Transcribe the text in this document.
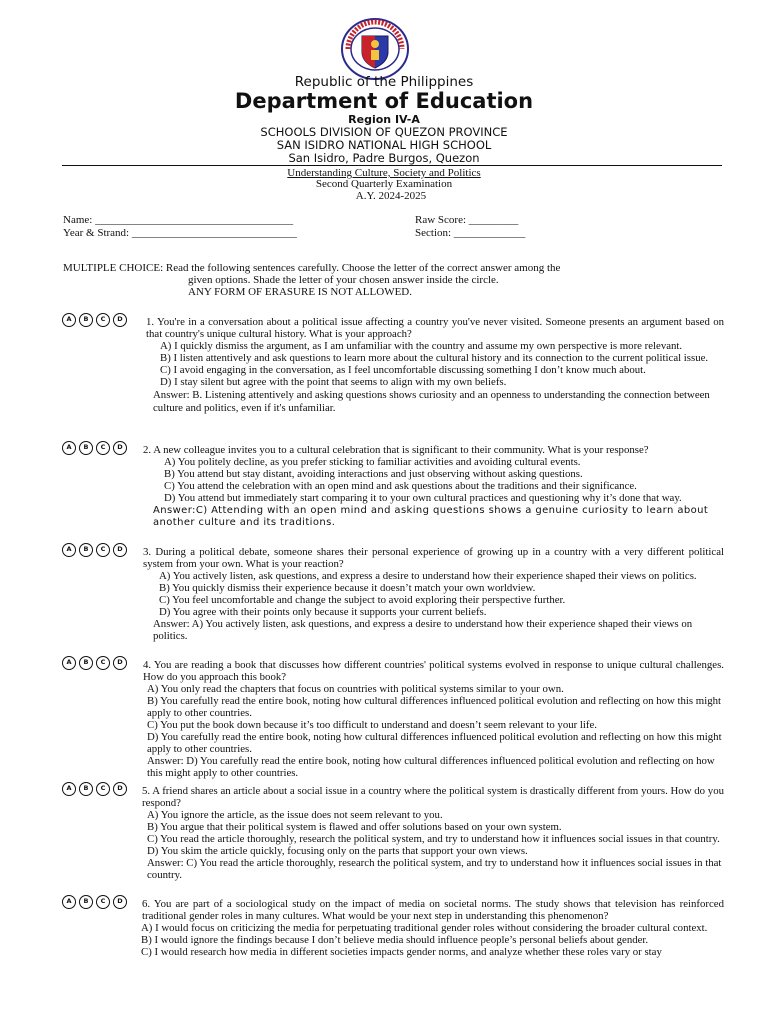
Republic of the Philippines
Department of Education
Region IV-A
SCHOOLS DIVISION OF QUEZON PROVINCE
SAN ISIDRO NATIONAL HIGH SCHOOL
San Isidro, Padre Burgos, Quezon
Understanding Culture, Society and Politics
Second Quarterly Examination
A.Y. 2024-2025
Name: ____________________________________
Year & Strand: ______________________________
Raw Score: _________
Section: _____________
MULTIPLE CHOICE: Read the following sentences carefully. Choose the letter of the correct answer among the
given options. Shade the letter of your chosen answer inside the circle.
ANY FORM OF ERASURE IS NOT ALLOWED.
A	B	C	D	1. You're in a conversation about a political issue affecting a country you've never visited. Someone presents an argument based on that country's unique cultural history. What is your approach?
A) I quickly dismiss the argument, as I am unfamiliar with the country and assume my own perspective is more relevant.
B) I listen attentively and ask questions to learn more about the cultural history and its connection to the current political issue.
C) I avoid engaging in the conversation, as I feel uncomfortable discussing something I don’t know much about.
D) I stay silent but agree with the point that seems to align with my own beliefs.
Answer: B. Listening attentively and asking questions shows curiosity and an openness to understanding the connection between culture and politics, even if it's unfamiliar.
A	B	C	D	2. A new colleague invites you to a cultural celebration that is significant to their community. What is your response?
A) You politely decline, as you prefer sticking to familiar activities and avoiding cultural events.
B) You attend but stay distant, avoiding interactions and just observing without asking questions.
C) You attend the celebration with an open mind and ask questions about the traditions and their significance.
D) You attend but immediately start comparing it to your own cultural practices and questioning why it’s done that way.
Answer:C) Attending with an open mind and asking questions shows a genuine curiosity to learn about another culture and its traditions.
A	B	C	D	3. During a political debate, someone shares their personal experience of growing up in a country with a very different political system from your own. What is your reaction?
A) You actively listen, ask questions, and express a desire to understand how their experience shaped their views on politics.
B) You quickly dismiss their experience because it doesn’t match your own worldview.
C) You feel uncomfortable and change the subject to avoid exploring their perspective further.
D) You agree with their points only because it supports your current beliefs.
Answer: A) You actively listen, ask questions, and express a desire to understand how their experience shaped their views on politics.
A	B	C	D	4. You are reading a book that discusses how different countries' political systems evolved in response to unique cultural challenges. How do you approach this book?
A) You only read the chapters that focus on countries with political systems similar to your own.
B) You carefully read the entire book, noting how cultural differences influenced political evolution and reflecting on how this might apply to other countries.
C) You put the book down because it’s too difficult to understand and doesn’t seem relevant to your life.
D) You carefully read the entire book, noting how cultural differences influenced political evolution and reflecting on how this might apply to other countries.
Answer: D) You carefully read the entire book, noting how cultural differences influenced political evolution and reflecting on how this might apply to other countries.
A	B	C	D	5. A friend shares an article about a social issue in a country where the political system is drastically different from yours. How do you respond?
A) You ignore the article, as the issue does not seem relevant to you.
B) You argue that their political system is flawed and offer solutions based on your own system.
C) You read the article thoroughly, research the political system, and try to understand how it influences social issues in that country.
D) You skim the article quickly, focusing only on the parts that support your own views.
Answer: C) You read the article thoroughly, research the political system, and try to understand how it influences social issues in that country.
A	B	C	D	6. You are part of a sociological study on the impact of media on societal norms. The study shows that television has reinforced traditional gender roles in many cultures. What would be your next step in understanding this phenomenon?
A) I would focus on criticizing the media for perpetuating traditional gender roles without considering the broader cultural context.
B) I would ignore the findings because I don’t believe media should influence people’s personal beliefs about gender.
C) I would research how media in different societies impacts gender norms, and analyze whether these roles vary or stay
